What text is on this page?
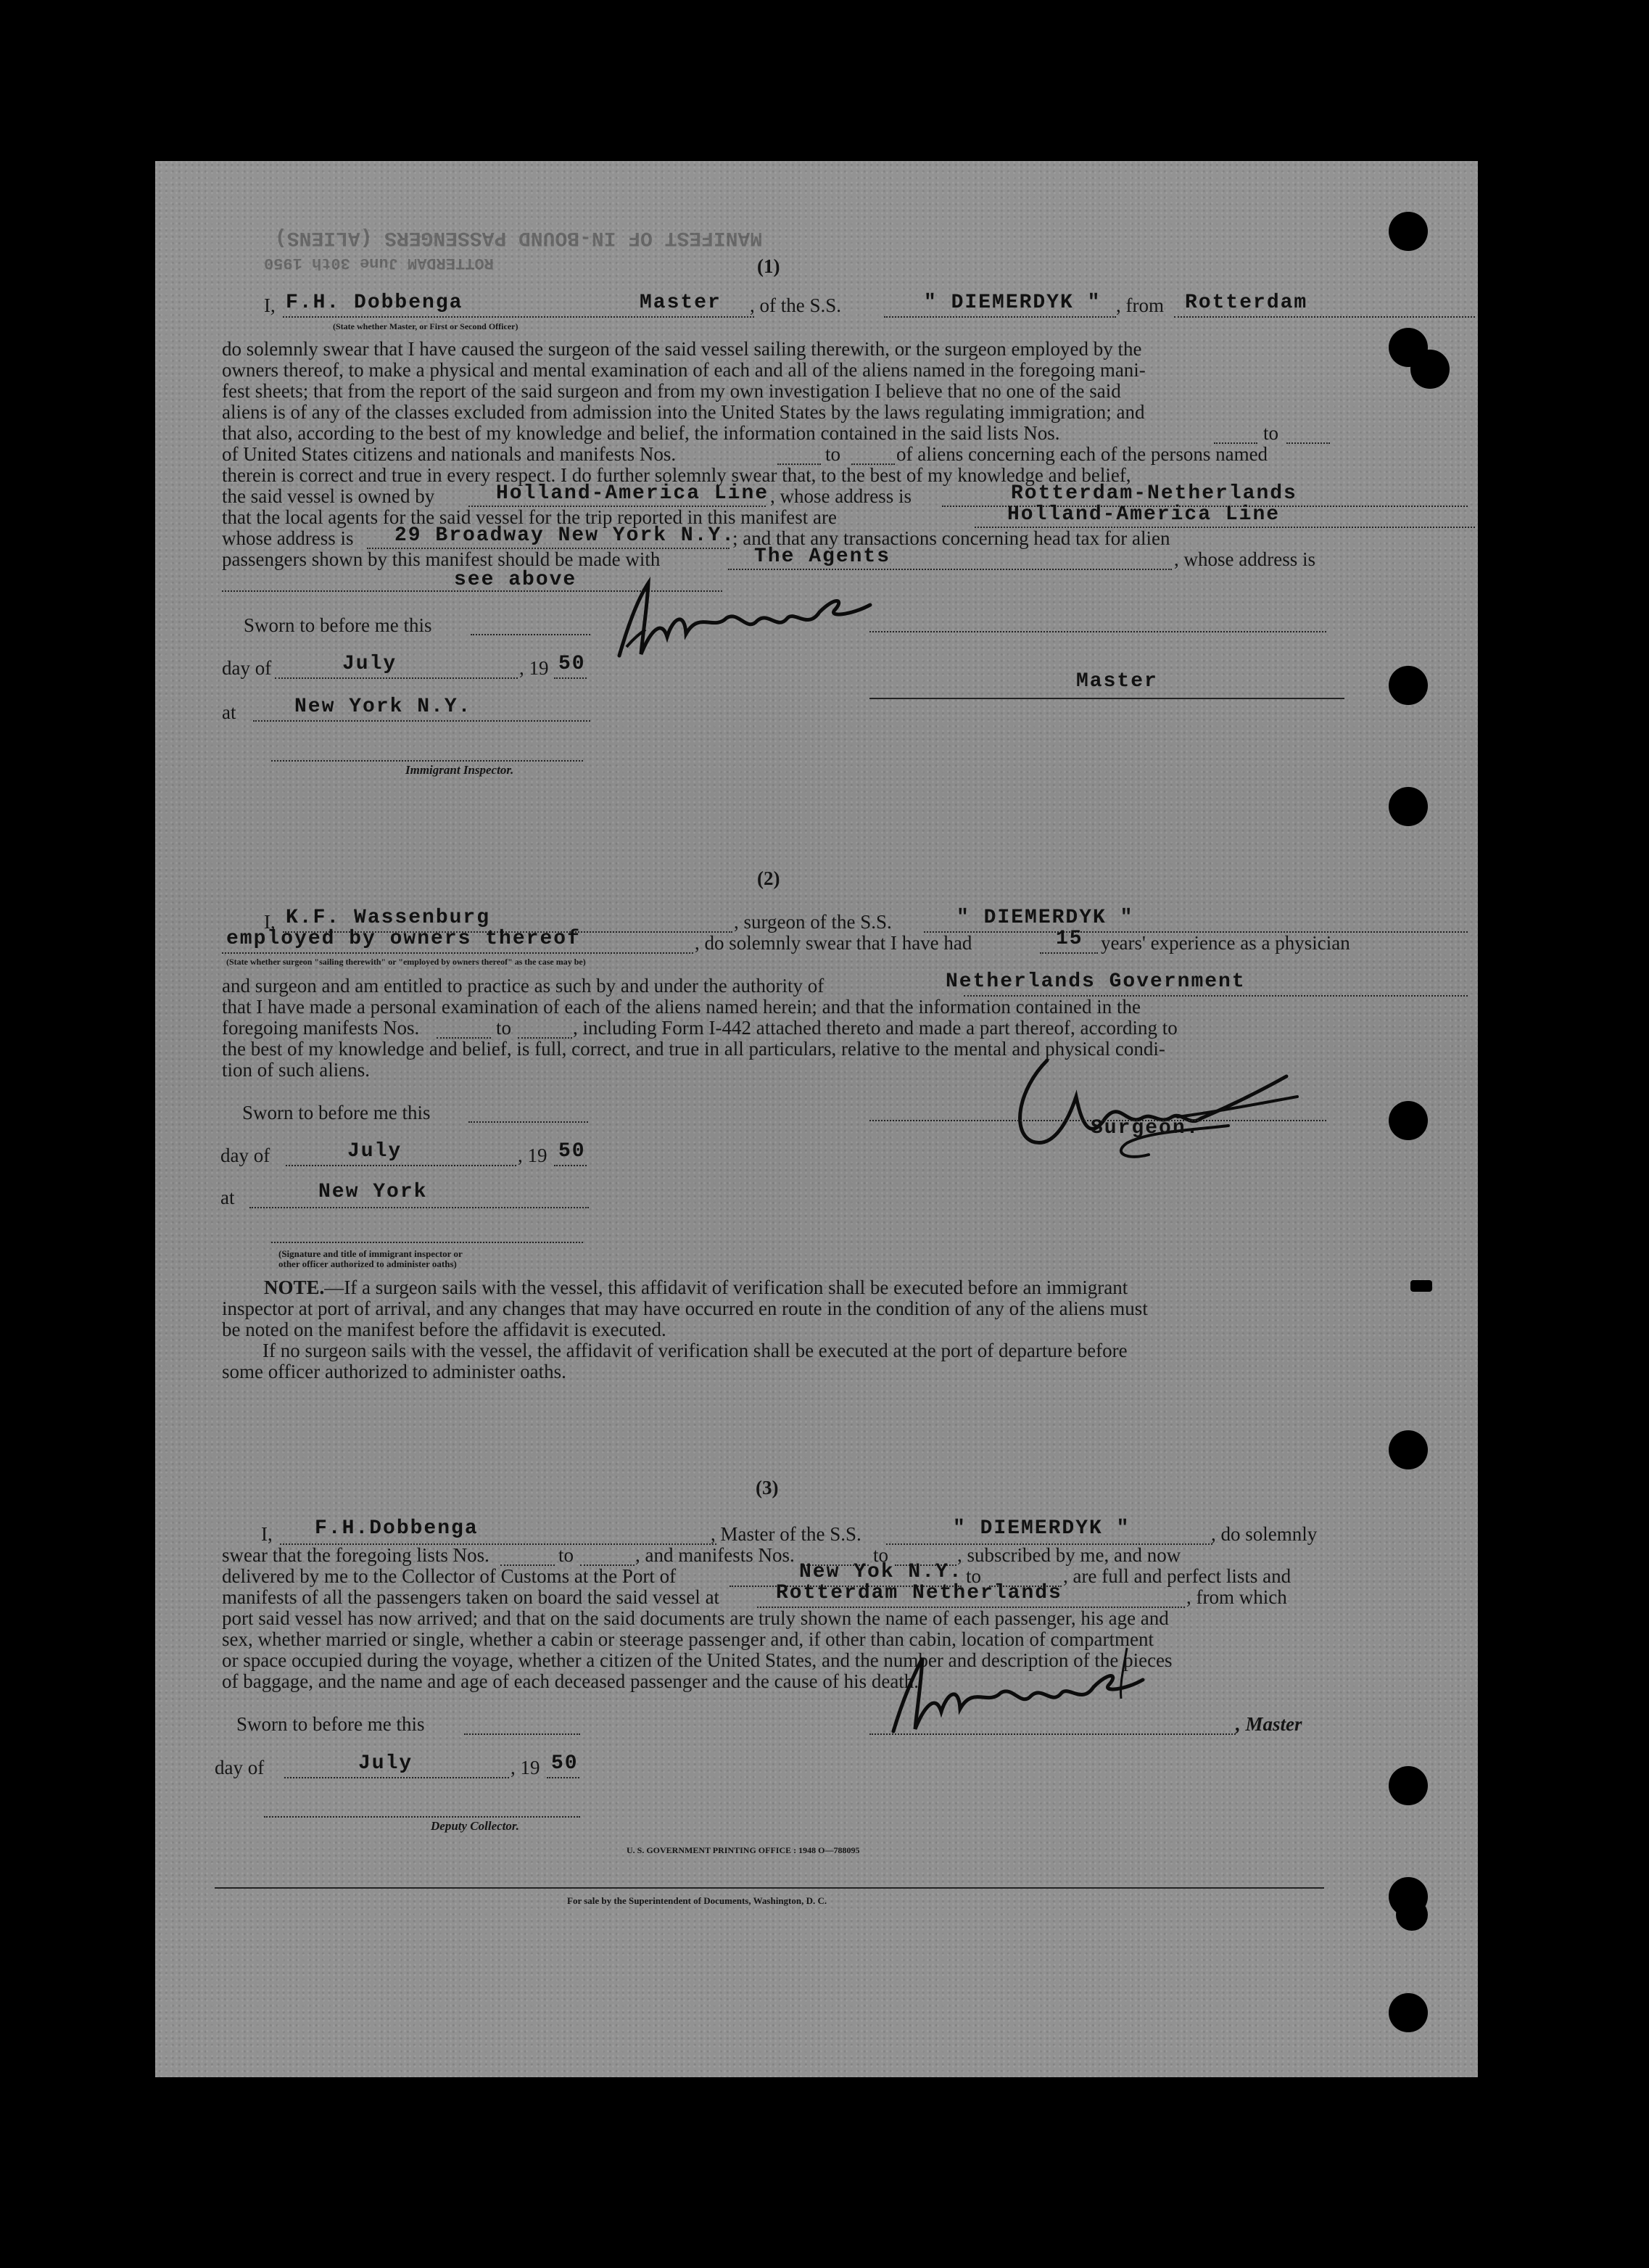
MANIFEST OF IN-BOUND PASSENGERS (ALIENS)
ROTTERDAM June 30th 1950	(1)
I, F.H. Dobbenga	Master , of the S.S.	" DIEMERDYK " , from Rotterdam
(State whether Master, or First or Second Officer)
do solemnly swear that I have caused the surgeon of the said vessel sailing therewith, or the surgeon employed by the
owners thereof, to make a physical and mental examination of each and all of the aliens named in the foregoing mani-
fest sheets; that from the report of the said surgeon and from my own investigation I believe that no one of the said
aliens is of any of the classes excluded from admission into the United States by the laws regulating immigration; and
that also, according to the best of my knowledge and belief, the information contained in the said lists Nos.	to
of United States citizens and nationals and manifests Nos.	to	of aliens concerning each of the persons named
therein is correct and true in every respect. I do further solemnly swear that, to the best of my knowledge and belief,
the said vessel is owned by	Holland-America Line , whose address is	Rotterdam-Netherlands
that the local agents for the said vessel for the trip reported in this manifest are	Holland-America Line
whose address is 29 Broadway New York N.Y.
; and that any transactions concerning head tax for alien
passengers shown by this manifest should be made with	The Agents	, whose address is
see above
Sworn to before me this
day of	July	, 19 50
at	New York N.Y.
Immigrant Inspector.
Master
(2)
I, K.F. Wassenburg	, surgeon of the S.S.	" DIEMERDYK "
employed by owners thereof	, do solemnly swear that I have had	15 years' experience as a physician
(State whether surgeon "sailing therewith" or "employed by owners thereof" as the case may be)
and surgeon and am entitled to practice as such by and under the authority of	Netherlands Government
that I have made a personal examination of each of the aliens named herein; and that the information contained in the
foregoing manifests Nos.	to	, including Form I-442 attached thereto and made a part thereof, according to
the best of my knowledge and belief, is full, correct, and true in all particulars, relative to the mental and physical condi-
tion of such aliens.
Sworn to before me this
day of	July	, 19 50
at	New York
(Signature and title of immigrant inspector or
other officer authorized to administer oaths)
Surgeon.
NOTE.—If a surgeon sails with the vessel, this affidavit of verification shall be executed before an immigrant
inspector at port of arrival, and any changes that may have occurred en route in the condition of any of the aliens must
be noted on the manifest before the affidavit is executed.
If no surgeon sails with the vessel, the affidavit of verification shall be executed at the port of departure before
some officer authorized to administer oaths.
(3)
I, F.H.Dobbenga	, Master of the S.S.	" DIEMERDYK "	, do solemnly
swear that the foregoing lists Nos.	to	, and manifests Nos.	to	, subscribed by me, and now
delivered by me to the Collector of Customs at the Port of	New Yok N.Y. to	, are full and perfect lists and
manifests of all the passengers taken on board the said vessel at	Rotterdam Netherlands	, from which
port said vessel has now arrived; and that on the said documents are truly shown the name of each passenger, his age and
sex, whether married or single, whether a cabin or steerage passenger and, if other than cabin, location of compartment
or space occupied during the voyage, whether a citizen of the United States, and the number and description of the pieces
of baggage, and the name and age of each deceased passenger and the cause of his death.
Sworn to before me this
day of	July	, 19 50
Deputy Collector.
, Master
U. S. GOVERNMENT PRINTING OFFICE : 1948 O—788095
For sale by the Superintendent of Documents, Washington, D. C.
